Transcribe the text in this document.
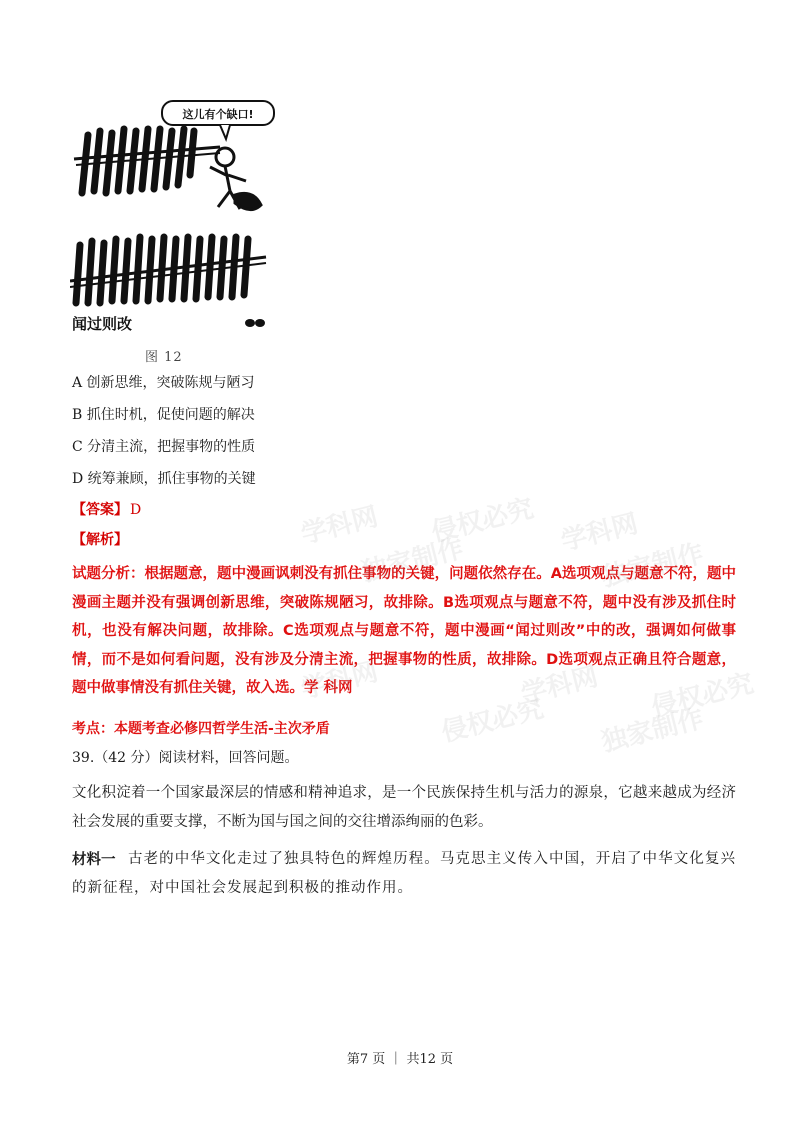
这儿有个缺口!
闻过则改
图 12
A 创新思维，突破陈规与陋习
B 抓住时机，促使问题的解决
C 分清主流，把握事物的性质
D 统筹兼顾，抓住事物的关键
【答案】 D
【解析】
试题分析：根据题意，题中漫画讽刺没有抓住事物的关键，问题依然存在。A选项观点与题意不符，题中漫画主题并没有强调创新思维，突破陈规陋习，故排除。B选项观点与题意不符，题中没有涉及抓住时机，也没有解决问题，故排除。C选项观点与题意不符，题中漫画“闻过则改”中的改，强调如何做事情，而不是如何看问题，没有涉及分清主流，把握事物的性质，故排除。D选项观点正确且符合题意，题中做事情没有抓住关键，故入选。学 科网
考点：本题考查必修四哲学生活-主次矛盾
39.（42 分）阅读材料，回答问题。
文化积淀着一个国家最深层的情感和精神追求，是一个民族保持生机与活力的源泉，它越来越成为经济社会发展的重要支撑，不断为国与国之间的交往增添绚丽的色彩。
材料一 古老的中华文化走过了独具特色的辉煌历程。马克思主义传入中国，开启了中华文化复兴的新征程，对中国社会发展起到积极的推动作用。
学科网 侵权必究 学科网
独家制作	独家制作
学科网	学科网 侵权必究
侵权必究 独家制作
第7 页 ｜ 共12 页
